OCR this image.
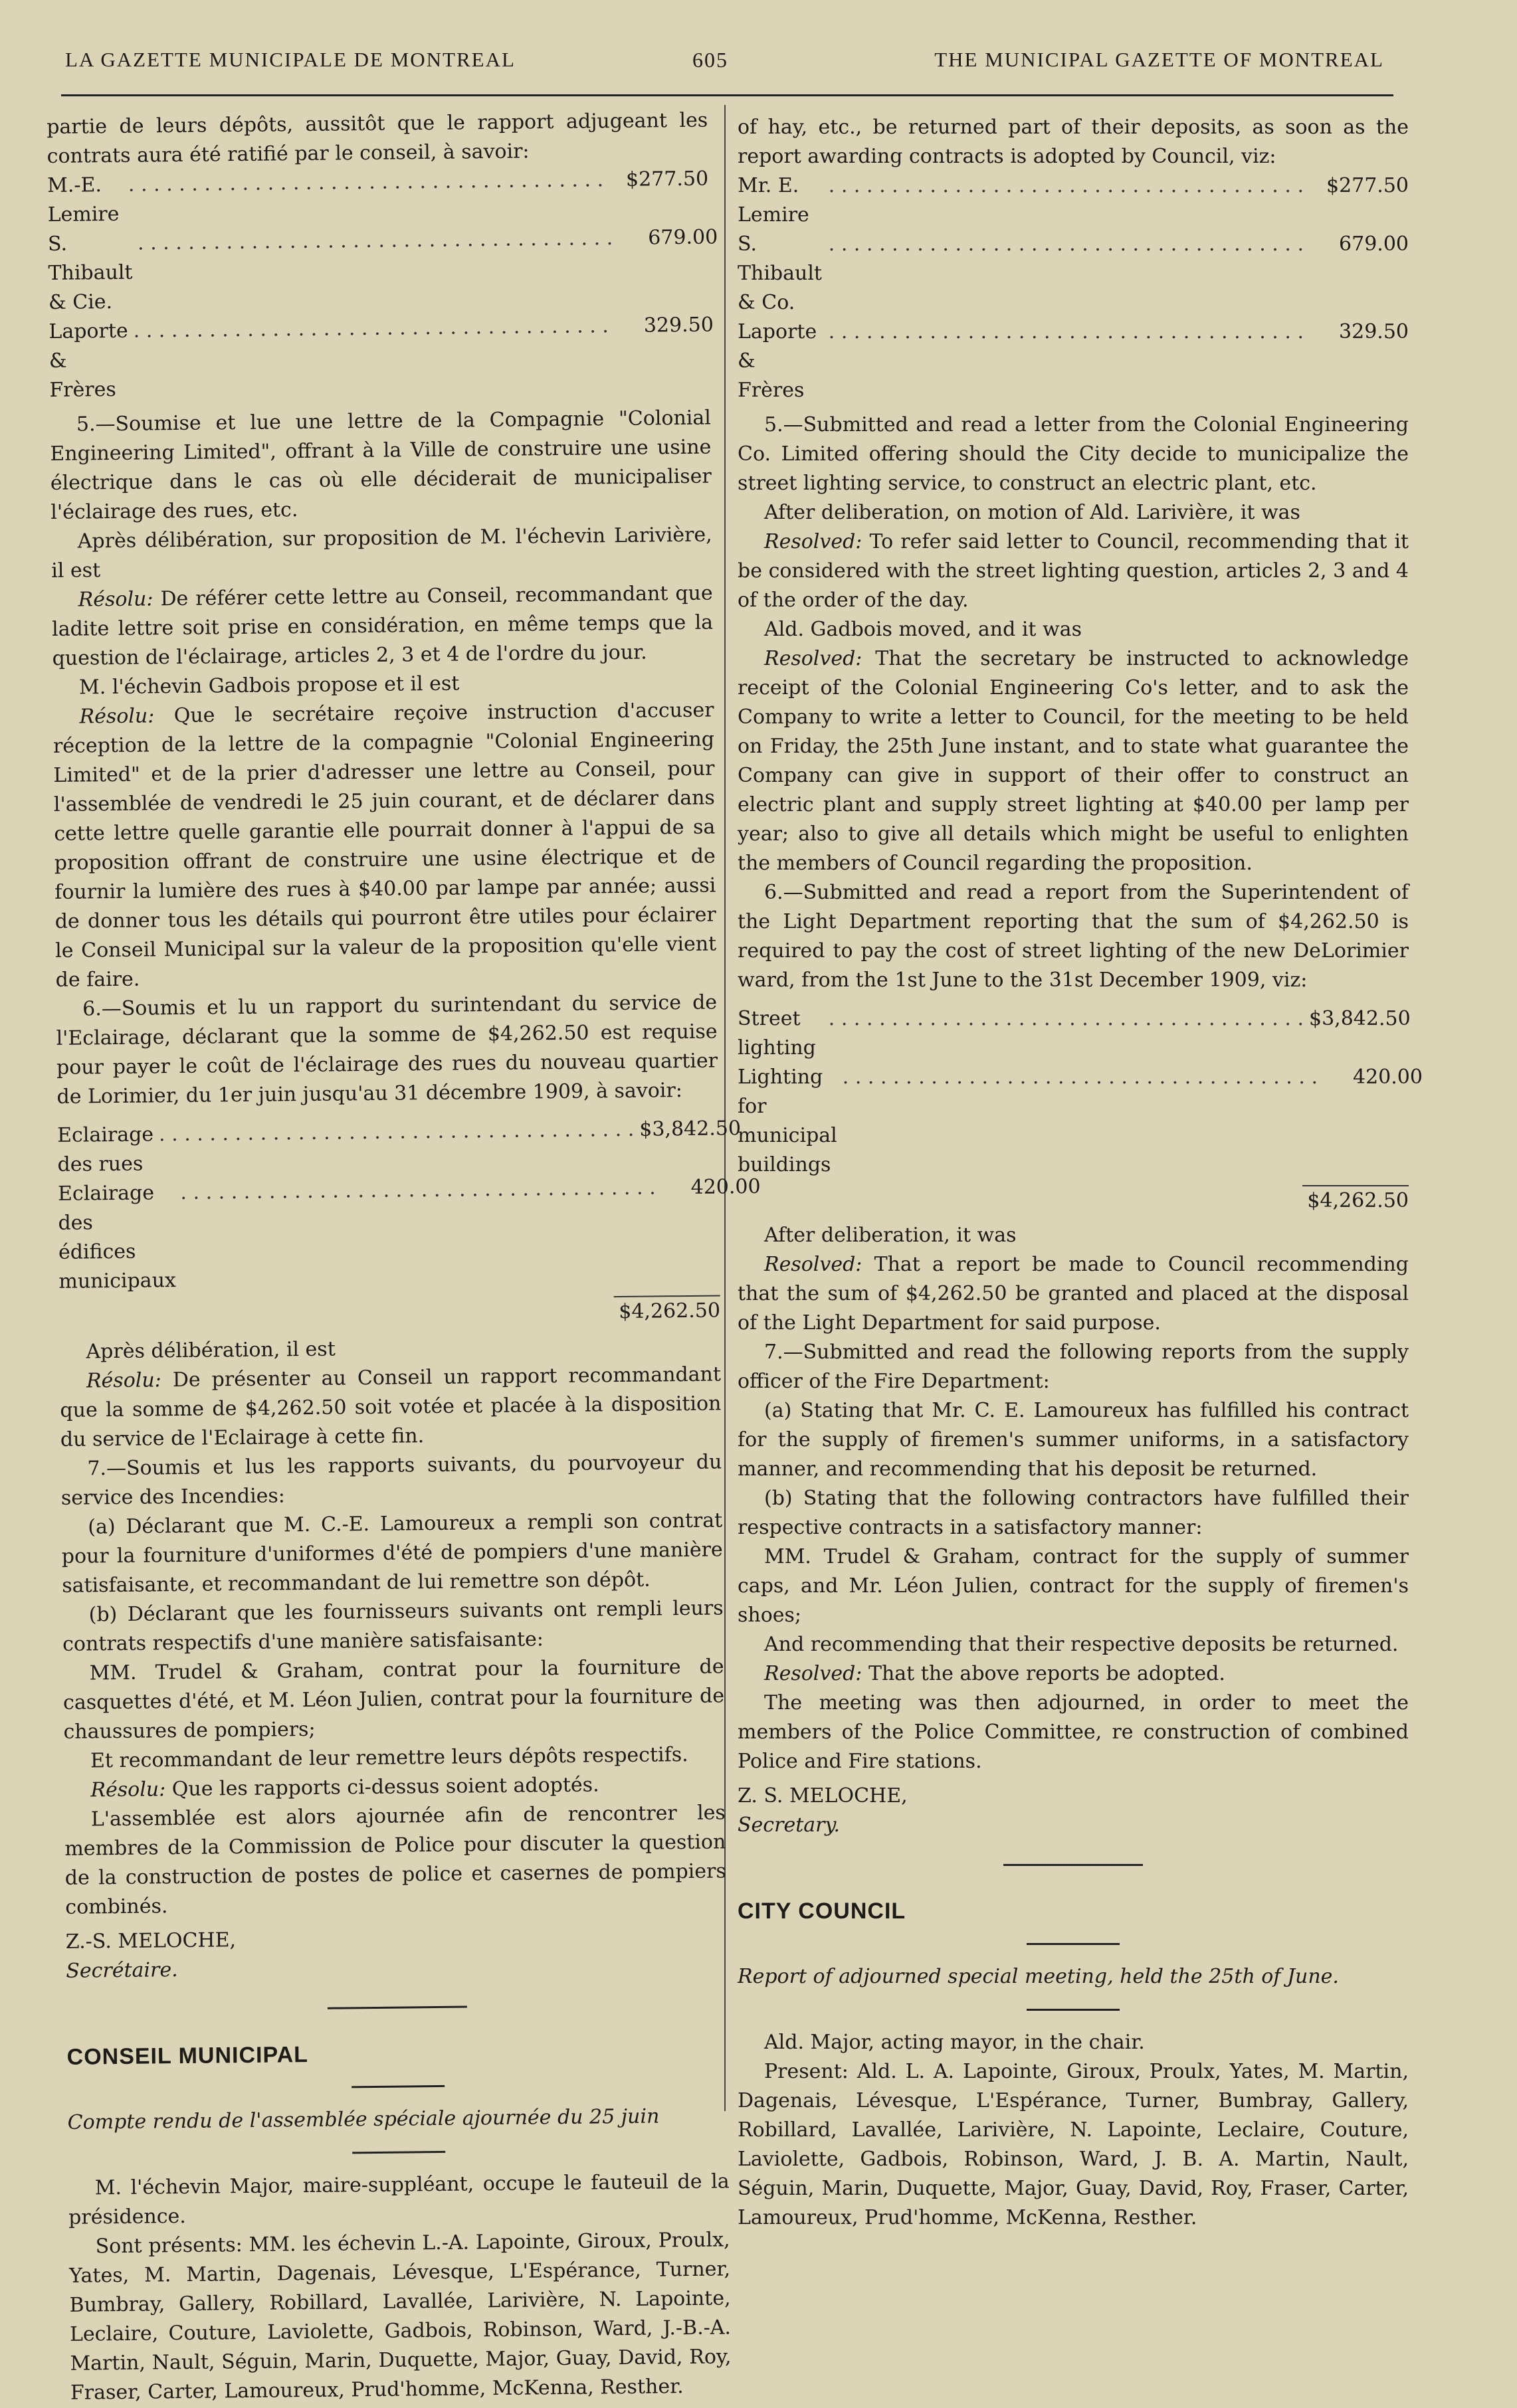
LA GAZETTE MUNICIPALE DE MONTREAL	605	THE MUNICIPAL GAZETTE OF MONTREAL

partie de leurs dépôts, aussitôt que le rapport adjugeant les contrats aura été ratifié par le conseil, à savoir:

M.-E. Lemire
. . . . . . . . . . . . . . . . . . . . . . . . . . . . . . . . . . . . . .	$277.50
S. Thibault & Cie.
. . . . . . . . . . . . . . . . . . . . . . . . . . . . . . . . . . . . . .	679.00
Laporte & Frères
. . . . . . . . . . . . . . . . . . . . . . . . . . . . . . . . . . . . . .	329.50

5.—Soumise et lue une lettre de la Compagnie "Colonial Engineering Limited", offrant à la Ville de construire une usine électrique dans le cas où elle déciderait de municipaliser l'éclairage des rues, etc.

Après délibération, sur proposition de M. l'échevin Larivière, il est

Résolu: De référer cette lettre au Conseil, recommandant que ladite lettre soit prise en considération, en même temps que la question de l'éclairage, articles 2, 3 et 4 de l'ordre du jour.

M. l'échevin Gadbois propose et il est

Résolu: Que le secrétaire reçoive instruction d'accuser réception de la lettre de la compagnie "Colonial Engineering Limited" et de la prier d'adresser une lettre au Conseil, pour l'assemblée de vendredi le 25 juin courant, et de déclarer dans cette lettre quelle garantie elle pourrait donner à l'appui de sa proposition offrant de construire une usine électrique et de fournir la lumière des rues à $40.00 par lampe par année; aussi de donner tous les détails qui pourront être utiles pour éclairer le Conseil Municipal sur la valeur de la proposition qu'elle vient de faire.

6.—Soumis et lu un rapport du surintendant du service de l'Eclairage, déclarant que la somme de $4,262.50 est requise pour payer le coût de l'éclairage des rues du nouveau quartier de Lorimier, du 1er juin jusqu'au 31 décembre 1909, à savoir:

Eclairage des rues
. . . . . . . . . . . . . . . . . . . . . . . . . . . . . . . . . . . . . . $3,842.50
Eclairage des édifices municipaux
. . . . . . . . . . . . . . . . . . . . . . . . . . . . . . . . . . . . . .	420.00
$4,262.50

Après délibération, il est

Résolu: De présenter au Conseil un rapport recommandant que la somme de $4,262.50 soit votée et placée à la disposition du service de l'Eclairage à cette fin.

7.—Soumis et lus les rapports suivants, du pourvoyeur du service des Incendies:

(a) Déclarant que M. C.-E. Lamoureux a rempli son contrat pour la fourniture d'uniformes d'été de pompiers d'une manière satisfaisante, et recommandant de lui remettre son dépôt.

(b) Déclarant que les fournisseurs suivants ont rempli leurs contrats respectifs d'une manière satisfaisante:

MM. Trudel & Graham, contrat pour la fourniture de casquettes d'été, et M. Léon Julien, contrat pour la fourniture de chaussures de pompiers;

Et recommandant de leur remettre leurs dépôts respectifs.

Résolu: Que les rapports ci-dessus soient adoptés.

L'assemblée est alors ajournée afin de rencontrer les membres de la Commission de Police pour discuter la question de la construction de postes de police et casernes de pompiers combinés.

Z.-S. MELOCHE,

Secrétaire.

CONSEIL MUNICIPAL

Compte rendu de l'assemblée spéciale ajournée du 25 juin

M. l'échevin Major, maire-suppléant, occupe le fauteuil de la présidence.

Sont présents: MM. les échevin L.-A. Lapointe, Giroux, Proulx, Yates, M. Martin, Dagenais, Lévesque, L'Espérance, Turner, Bumbray, Gallery, Robillard, Lavallée, Larivière, N. Lapointe, Leclaire, Couture, Laviolette, Gadbois, Robinson, Ward, J.-B.-A. Martin, Nault, Séguin, Marin, Duquette, Major, Guay, David, Roy, Fraser, Carter, Lamoureux, Prud'homme, McKenna, Resther.

of hay, etc., be returned part of their deposits, as soon as the report awarding contracts is adopted by Council, viz:

Mr. E. Lemire
. . . . . . . . . . . . . . . . . . . . . . . . . . . . . . . . . . . . . .	$277.50
S. Thibault & Co.
. . . . . . . . . . . . . . . . . . . . . . . . . . . . . . . . . . . . . .	679.00
Laporte & Frères
. . . . . . . . . . . . . . . . . . . . . . . . . . . . . . . . . . . . . .	329.50

5.—Submitted and read a letter from the Colonial Engineering Co. Limited offering should the City decide to municipalize the street lighting service, to construct an electric plant, etc.

After deliberation, on motion of Ald. Larivière, it was

Resolved: To refer said letter to Council, recommending that it be considered with the street lighting question, articles 2, 3 and 4 of the order of the day.

Ald. Gadbois moved, and it was

Resolved: That the secretary be instructed to acknowledge receipt of the Colonial Engineering Co's letter, and to ask the Company to write a letter to Council, for the meeting to be held on Friday, the 25th June instant, and to state what guarantee the Company can give in support of their offer to construct an electric plant and supply street lighting at $40.00 per lamp per year; also to give all details which might be useful to enlighten the members of Council regarding the proposition.

6.—Submitted and read a report from the Superintendent of the Light Department reporting that the sum of $4,262.50 is required to pay the cost of street lighting of the new DeLorimier ward, from the 1st June to the 31st December 1909, viz:

Street lighting
. . . . . . . . . . . . . . . . . . . . . . . . . . . . . . . . . . . . . . $3,842.50
Lighting for municipal buildings
. . . . . . . . . . . . . . . . . . . . . . . . . . . . . . . . . . . . . .	420.00
$4,262.50

After deliberation, it was

Resolved: That a report be made to Council recommending that the sum of $4,262.50 be granted and placed at the disposal of the Light Department for said purpose.

7.—Submitted and read the following reports from the supply officer of the Fire Department:

(a) Stating that Mr. C. E. Lamoureux has fulfilled his contract for the supply of firemen's summer uniforms, in a satisfactory manner, and recommending that his deposit be returned.

(b) Stating that the following contractors have fulfilled their respective contracts in a satisfactory manner:

MM. Trudel & Graham, contract for the supply of summer caps, and Mr. Léon Julien, contract for the supply of firemen's shoes;

And recommending that their respective deposits be returned.

Resolved: That the above reports be adopted.

The meeting was then adjourned, in order to meet the members of the Police Committee, re construction of combined Police and Fire stations.

Z. S. MELOCHE,

Secretary.

CITY COUNCIL

Report of adjourned special meeting, held the 25th of June.

Ald. Major, acting mayor, in the chair.

Present: Ald. L. A. Lapointe, Giroux, Proulx, Yates, M. Martin, Dagenais, Lévesque, L'Espérance, Turner, Bumbray, Gallery, Robillard, Lavallée, Larivière, N. Lapointe, Leclaire, Couture, Laviolette, Gadbois, Robinson, Ward, J. B. A. Martin, Nault, Séguin, Marin, Duquette, Major, Guay, David, Roy, Fraser, Carter, Lamoureux, Prud'homme, McKenna, Resther.
